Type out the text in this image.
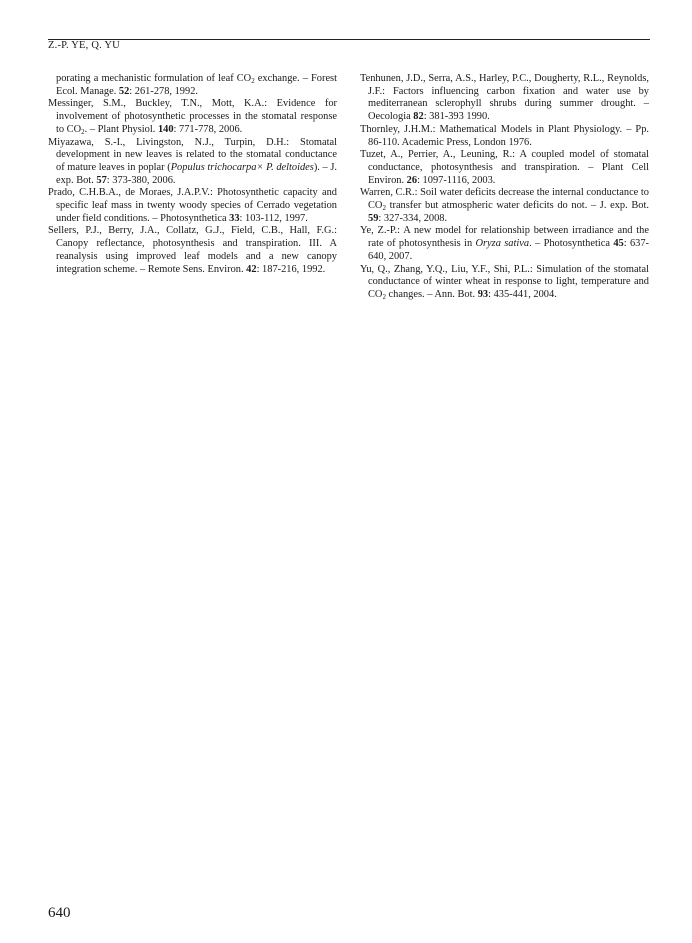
Z.-P. YE, Q. YU

porating a mechanistic formulation of leaf $CO_2$ exchange. – Forest Ecol. Manage. 52: 261-278, 1992.

Messinger, S.M., Buckley, T.N., Mott, K.A.: Evidence for involvement of photosynthetic processes in the stomatal response to $CO_2$. – Plant Physiol. 140: 771-778, 2006.

Miyazawa, S.-I., Livingston, N.J., Turpin, D.H.: Stomatal development in new leaves is related to the stomatal conductance of mature leaves in poplar (Populus trichocarpa× P. deltoides). – J. exp. Bot. 57: 373-380, 2006.

Prado, C.H.B.A., de Moraes, J.A.P.V.: Photosynthetic capacity and specific leaf mass in twenty woody species of Cerrado vegetation under field conditions. – Photosynthetica 33: 103-112, 1997.

Sellers, P.J., Berry, J.A., Collatz, G.J., Field, C.B., Hall, F.G.: Canopy reflectance, photosynthesis and transpiration. III. A reanalysis using improved leaf models and a new canopy integration scheme. – Remote Sens. Environ. 42: 187-216, 1992.

Tenhunen, J.D., Serra, A.S., Harley, P.C., Dougherty, R.L., Reynolds, J.F.: Factors influencing carbon fixation and water use by mediterranean sclerophyll shrubs during summer drought. – Oecologia 82: 381-393 1990.

Thornley, J.H.M.: Mathematical Models in Plant Physiology. – Pp. 86-110. Academic Press, London 1976.

Tuzet, A., Perrier, A., Leuning, R.: A coupled model of stomatal conductance, photosynthesis and transpiration. – Plant Cell Environ. 26: 1097-1116, 2003.

Warren, C.R.: Soil water deficits decrease the internal conductance to $CO_2$ transfer but atmospheric water deficits do not. – J. exp. Bot. 59: 327-334, 2008.

Ye, Z.-P.: A new model for relationship between irradiance and the rate of photosynthesis in Oryza sativa. – Photosynthetica 45: 637-640, 2007.

Yu, Q., Zhang, Y.Q., Liu, Y.F., Shi, P.L.: Simulation of the stomatal conductance of winter wheat in response to light, temperature and $CO_2$ changes. – Ann. Bot. 93: 435-441, 2004.

640
